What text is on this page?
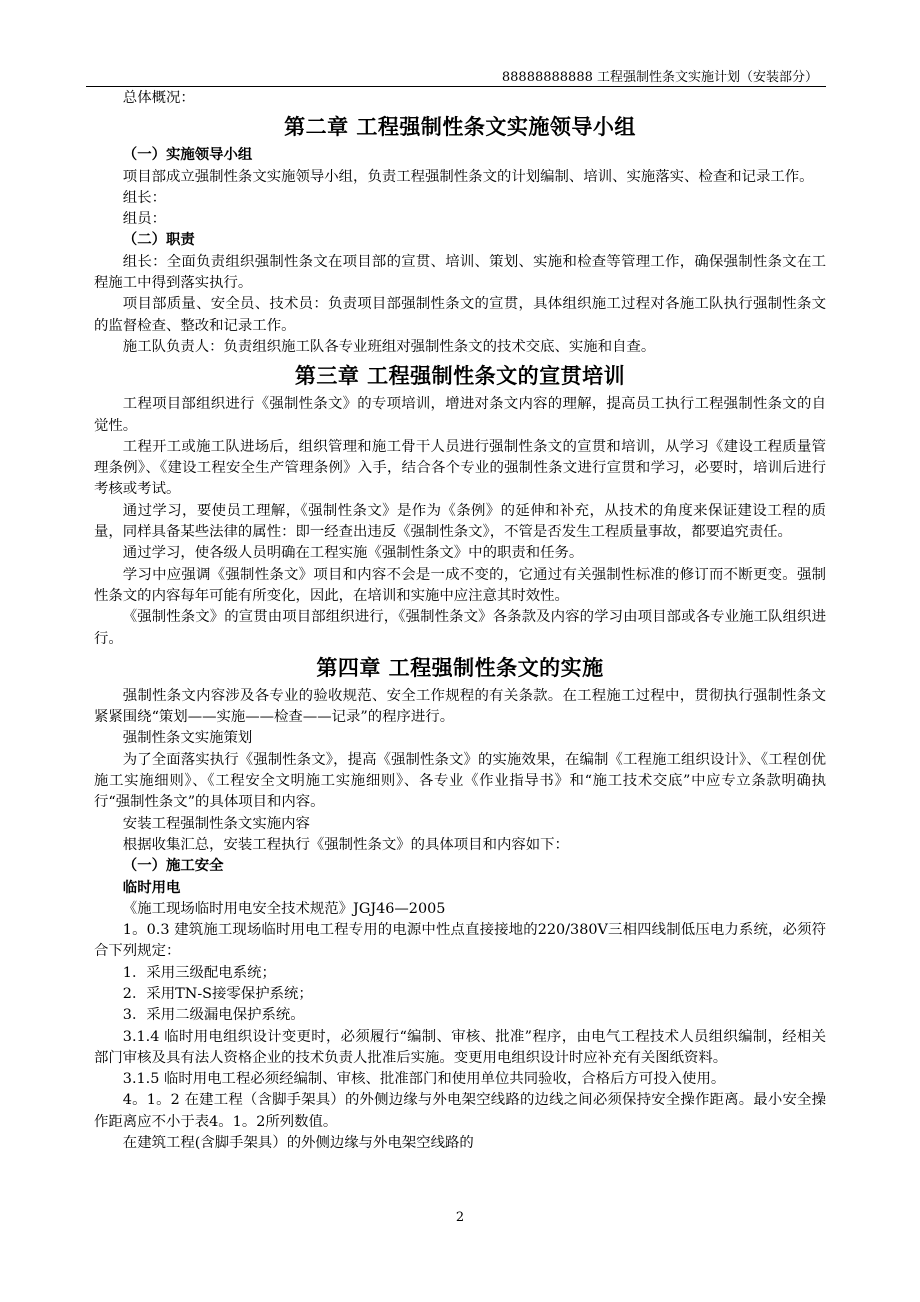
88888888888 工程强制性条文实施计划（安装部分）

总体概况：

第二章 工程强制性条文实施领导小组

（一）实施领导小组

项目部成立强制性条文实施领导小组，负责工程强制性条文的计划编制、培训、实施落实、检查和记录工作。

组长：

组员：

（二）职责

组长：全面负责组织强制性条文在项目部的宣贯、培训、策划、实施和检查等管理工作，确保强制性条文在工程施工中得到落实执行。

项目部质量、安全员、技术员：负责项目部强制性条文的宣贯，具体组织施工过程对各施工队执行强制性条文的监督检查、整改和记录工作。

施工队负责人：负责组织施工队各专业班组对强制性条文的技术交底、实施和自查。

第三章 工程强制性条文的宣贯培训

工程项目部组织进行《强制性条文》的专项培训，增进对条文内容的理解，提高员工执行工程强制性条文的自觉性。

工程开工或施工队进场后，组织管理和施工骨干人员进行强制性条文的宣贯和培训，从学习《建设工程质量管理条例》、《建设工程安全生产管理条例》入手，结合各个专业的强制性条文进行宣贯和学习，必要时，培训后进行考核或考试。

通过学习，要使员工理解，《强制性条文》是作为《条例》的延伸和补充，从技术的角度来保证建设工程的质量，同样具备某些法律的属性：即一经查出违反《强制性条文》，不管是否发生工程质量事故，都要追究责任。

通过学习，使各级人员明确在工程实施《强制性条文》中的职责和任务。

学习中应强调《强制性条文》项目和内容不会是一成不变的，它通过有关强制性标准的修订而不断更变。强制性条文的内容每年可能有所变化，因此，在培训和实施中应注意其时效性。

《强制性条文》的宣贯由项目部组织进行，《强制性条文》各条款及内容的学习由项目部或各专业施工队组织进行。

第四章 工程强制性条文的实施

强制性条文内容涉及各专业的验收规范、安全工作规程的有关条款。在工程施工过程中，贯彻执行强制性条文紧紧围绕“策划——实施——检查——记录”的程序进行。

强制性条文实施策划

为了全面落实执行《强制性条文》，提高《强制性条文》的实施效果，在编制《工程施工组织设计》、《工程创优施工实施细则》、《工程安全文明施工实施细则》、各专业《作业指导书》和“施工技术交底”中应专立条款明确执行“强制性条文”的具体项目和内容。

安装工程强制性条文实施内容

根据收集汇总，安装工程执行《强制性条文》的具体项目和内容如下：

（一）施工安全

临时用电

《施工现场临时用电安全技术规范》JGJ46—2005

1。0.3 建筑施工现场临时用电工程专用的电源中性点直接接地的220/380V三相四线制低压电力系统，必须符合下列规定：

1．采用三级配电系统；

2．采用TN-S接零保护系统；

3．采用二级漏电保护系统。

3.1.4 临时用电组织设计变更时，必须履行“编制、审核、批准”程序，由电气工程技术人员组织编制，经相关部门审核及具有法人资格企业的技术负责人批准后实施。变更用电组织设计时应补充有关图纸资料。

3.1.5 临时用电工程必须经编制、审核、批准部门和使用单位共同验收，合格后方可投入使用。

4。1。2 在建工程（含脚手架具）的外侧边缘与外电架空线路的边线之间必须保持安全操作距离。最小安全操作距离应不小于表4。1。2所列数值。

在建筑工程(含脚手架具）的外侧边缘与外电架空线路的

2
